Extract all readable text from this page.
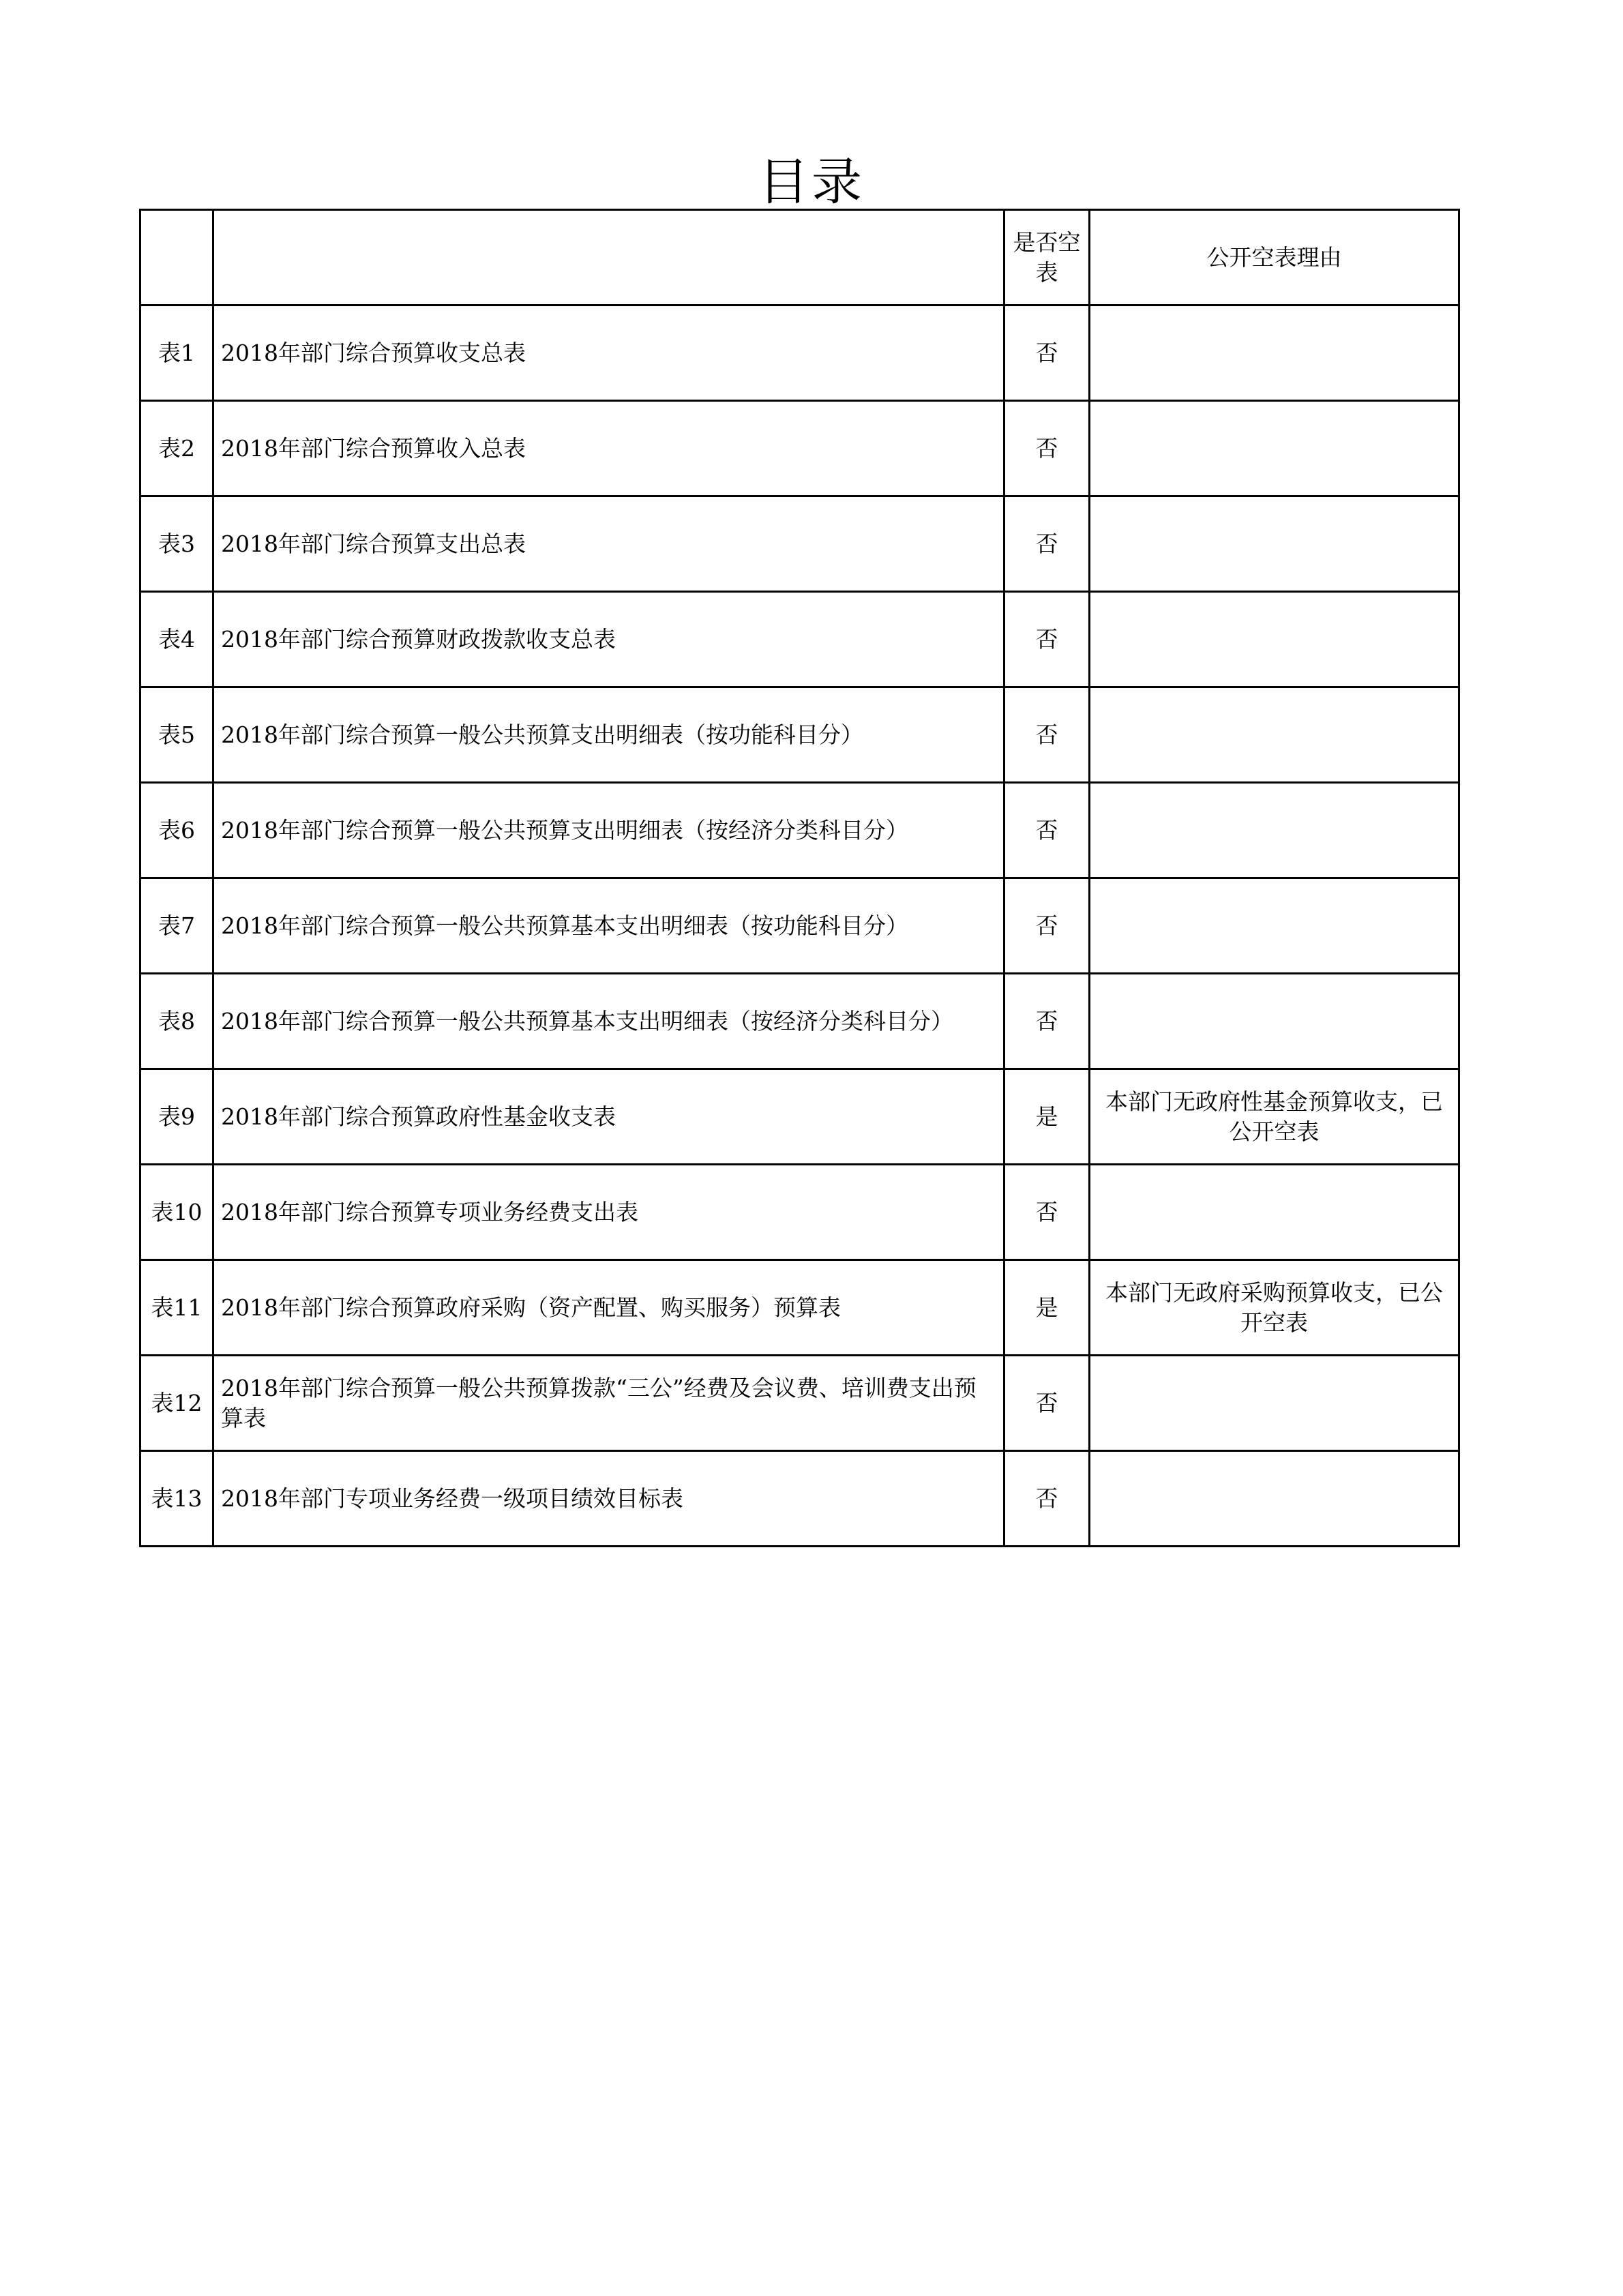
目录
		是否空表	公开空表理由
表1	2018年部门综合预算收支总表	否	
表2	2018年部门综合预算收入总表	否	
表3	2018年部门综合预算支出总表	否	
表4	2018年部门综合预算财政拨款收支总表	否	
表5	2018年部门综合预算一般公共预算支出明细表（按功能科目分）	否	
表6	2018年部门综合预算一般公共预算支出明细表（按经济分类科目分）	否	
表7	2018年部门综合预算一般公共预算基本支出明细表（按功能科目分）	否	
表8	2018年部门综合预算一般公共预算基本支出明细表（按经济分类科目分）	否	
表9	2018年部门综合预算政府性基金收支表	是	本部门无政府性基金预算收支，已公开空表
表10	2018年部门综合预算专项业务经费支出表	否	
表11	2018年部门综合预算政府采购（资产配置、购买服务）预算表	是	本部门无政府采购预算收支，已公开空表
表12	2018年部门综合预算一般公共预算拨款“三公”经费及会议费、培训费支出预算表	否	
表13	2018年部门专项业务经费一级项目绩效目标表	否	
